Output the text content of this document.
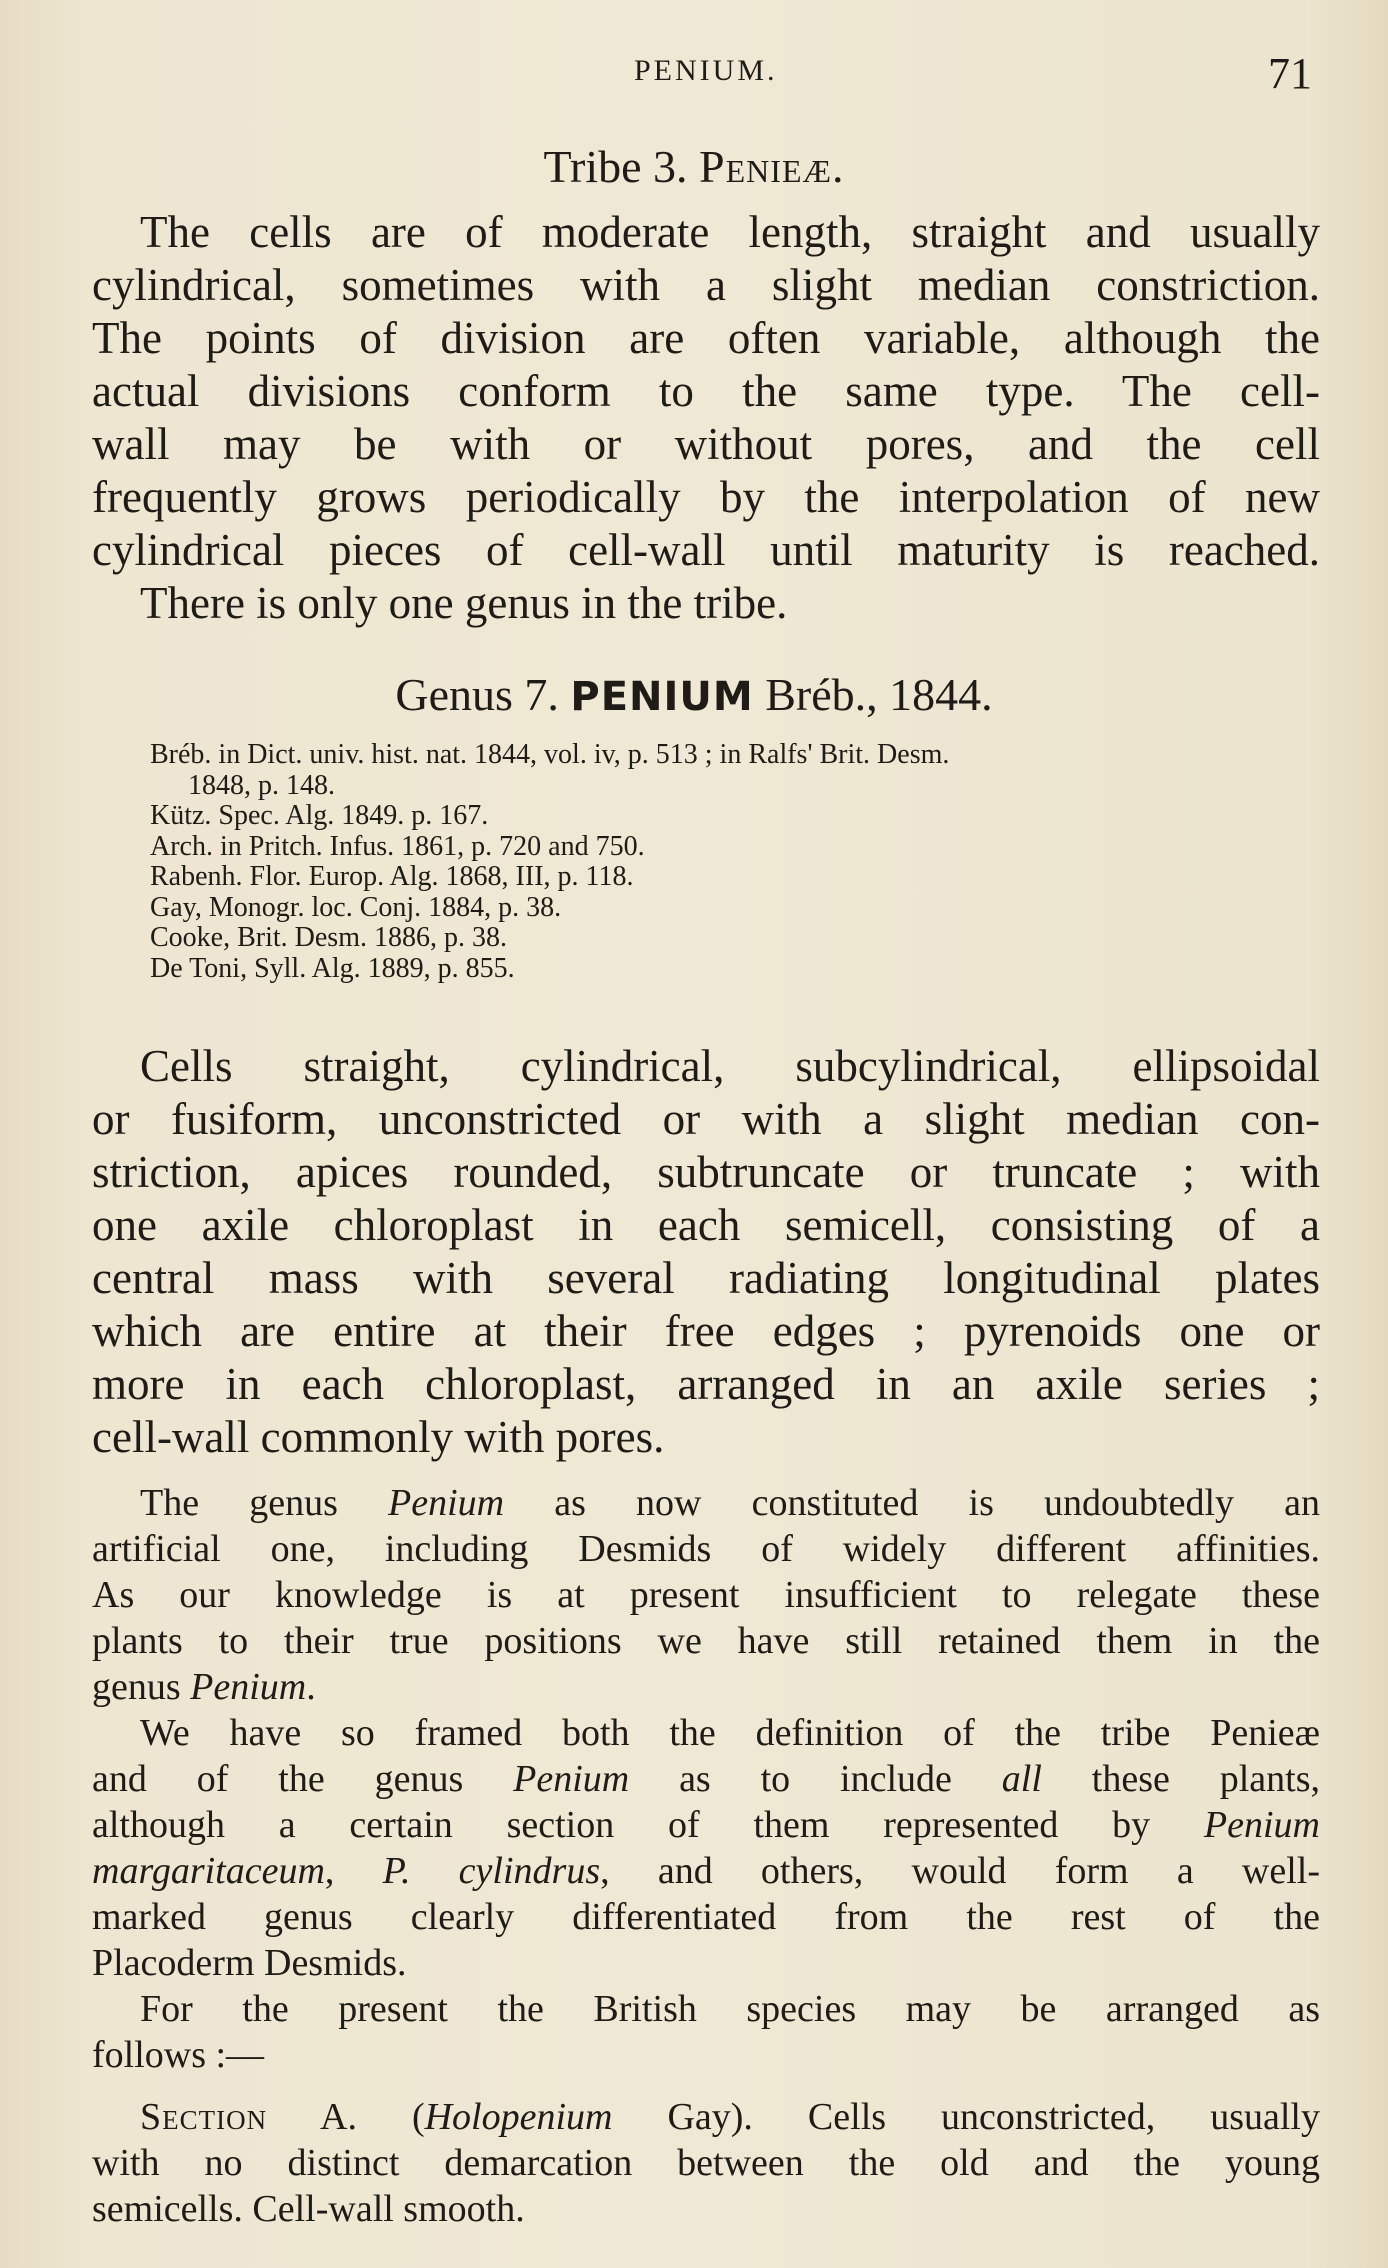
PENIUM.	71
Tribe 3. Penieæ.
The cells are of moderate length, straight and usually
cylindrical, sometimes with a slight median constriction.
The points of division are often variable, although the
actual divisions conform to the same type. The cell-
wall may be with or without pores, and the cell
frequently grows periodically by the interpolation of new
cylindrical pieces of cell-wall until maturity is reached.
There is only one genus in the tribe.
Genus 7. PENIUM Bréb., 1844.
Bréb. in Dict. univ. hist. nat. 1844, vol. iv, p. 513 ; in Ralfs' Brit. Desm.
1848, p. 148.
Kütz. Spec. Alg. 1849. p. 167.
Arch. in Pritch. Infus. 1861, p. 720 and 750.
Rabenh. Flor. Europ. Alg. 1868, III, p. 118.
Gay, Monogr. loc. Conj. 1884, p. 38.
Cooke, Brit. Desm. 1886, p. 38.
De Toni, Syll. Alg. 1889, p. 855.
Cells straight, cylindrical, subcylindrical, ellipsoidal
or fusiform, unconstricted or with a slight median con-
striction, apices rounded, subtruncate or truncate ; with
one axile chloroplast in each semicell, consisting of a
central mass with several radiating longitudinal plates
which are entire at their free edges ; pyrenoids one or
more in each chloroplast, arranged in an axile series ;
cell-wall commonly with pores.
The genus Penium as now constituted is undoubtedly an
artificial one, including Desmids of widely different affinities.
As our knowledge is at present insufficient to relegate these
plants to their true positions we have still retained them in the
genus Penium.
We have so framed both the definition of the tribe Penieæ
and of the genus Penium as to include all these plants,
although a certain section of them represented by Penium
margaritaceum, P. cylindrus, and others, would form a well-
marked genus clearly differentiated from the rest of the
Placoderm Desmids.
For the present the British species may be arranged as
follows :—
Section A. (Holopenium Gay). Cells unconstricted, usually
with no distinct demarcation between the old and the young
semicells. Cell-wall smooth.
